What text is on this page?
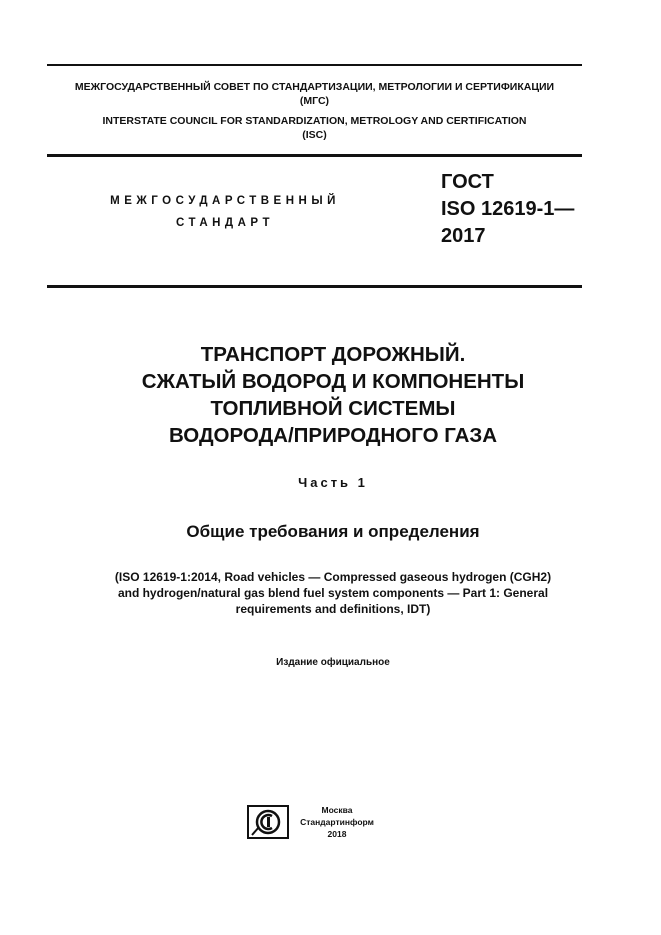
МЕЖГОСУДАРСТВЕННЫЙ СОВЕТ ПО СТАНДАРТИЗАЦИИ, МЕТРОЛОГИИ И СЕРТИФИКАЦИИ
(МГС)
INTERSTATE COUNCIL FOR STANDARDIZATION, METROLOGY AND CERTIFICATION
(ISC)
МЕЖГОСУДАРСТВЕННЫЙ
СТАНДАРТ
ГОСТ
ISO 12619-1—
2017
ТРАНСПОРТ ДОРОЖНЫЙ.
СЖАТЫЙ ВОДОРОД И КОМПОНЕНТЫ
ТОПЛИВНОЙ СИСТЕМЫ
ВОДОРОДА/ПРИРОДНОГО ГАЗА
Часть 1
Общие требования и определения
(ISO 12619-1:2014, Road vehicles — Compressed gaseous hydrogen (CGH2)
and hydrogen/natural gas blend fuel system components — Part 1: General
requirements and definitions, IDT)
Издание официальное
Москва
Стандартинформ
2018
